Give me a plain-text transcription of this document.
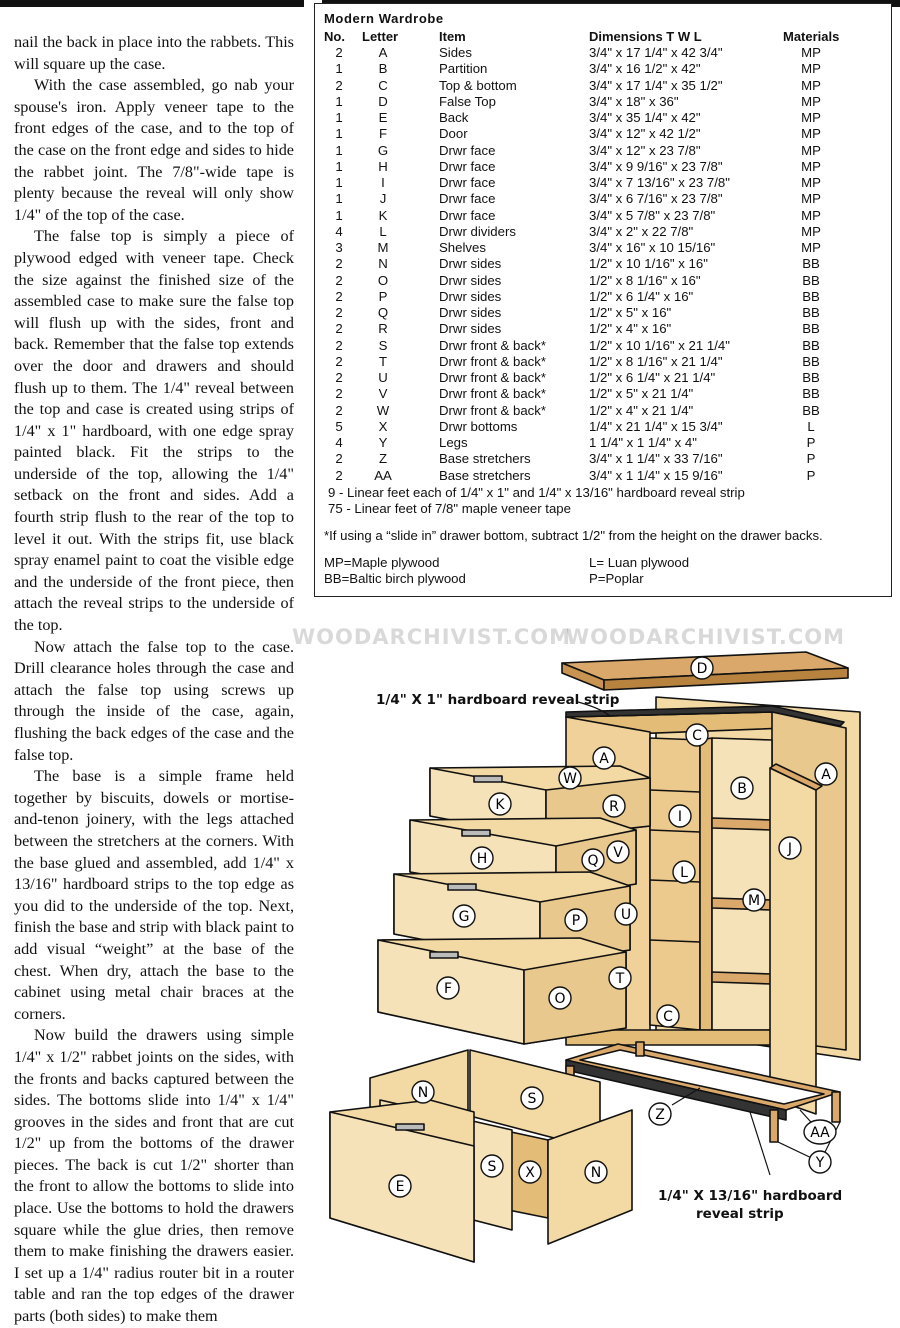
nail the back in place into the rabbets. This will square up the case.

With the case assembled, go nab your spouse's iron. Apply veneer tape to the front edges of the case, and to the top of the case on the front edge and sides to hide the rabbet joint. The 7/8"-wide tape is plenty because the reveal will only show 1/4" of the top of the case.

The false top is simply a piece of plywood edged with veneer tape. Check the size against the finished size of the assembled case to make sure the false top will flush up with the sides, front and back. Remember that the false top extends over the door and drawers and should flush up to them. The 1/4" reveal between the top and case is created using strips of 1/4" x 1" hardboard, with one edge spray painted black. Fit the strips to the underside of the top, allowing the 1/4" setback on the front and sides. Add a fourth strip flush to the rear of the top to level it out. With the strips fit, use black spray enamel paint to coat the visible edge and the underside of the front piece, then attach the reveal strips to the underside of the top.

Now attach the false top to the case. Drill clearance holes through the case and attach the false top using screws up through the inside of the case, again, flushing the back edges of the case and the false top.

The base is a simple frame held together by biscuits, dowels or mortise-and-tenon joinery, with the legs attached between the stretchers at the corners. With the base glued and assembled, add 1/4" x 13/16" hardboard strips to the top edge as you did to the underside of the top. Next, finish the base and strip with black paint to add visual “weight” at the base of the chest. When dry, attach the base to the cabinet using metal chair braces at the corners.

Now build the drawers using simple 1/4" x 1/2" rabbet joints on the sides, with the fronts and backs captured between the sides. The bottoms slide into 1/4" x 1/4" grooves in the sides and front that are cut 1/2" up from the bottoms of the drawer pieces. The back is cut 1/2" shorter than the front to allow the bottoms to slide into place. Use the bottoms to hold the drawers square while the glue dries, then remove them to make finishing the drawers easier. I set up a 1/4" radius router bit in a router table and ran the top edges of the drawer parts (both sides) to make them

Modern Wardrobe
No. Letter	Item	Dimensions T W L	Materials
2	A	Sides	3/4" x 17 1/4" x 42 3/4"	MP
1	B	Partition	3/4" x 16 1/2" x 42"	MP
2	C	Top & bottom	3/4" x 17 1/4" x 35 1/2"	MP
1	D	False Top	3/4" x 18" x 36"	MP
1	E	Back	3/4" x 35 1/4" x 42"	MP
1	F	Door	3/4" x 12" x 42 1/2"	MP
1	G	Drwr face	3/4" x 12" x 23 7/8"	MP
1	H	Drwr face	3/4" x 9 9/16" x 23 7/8"	MP
1	I	Drwr face	3/4" x 7 13/16" x 23 7/8"	MP
1	J	Drwr face	3/4" x 6 7/16" x 23 7/8"	MP
1	K	Drwr face	3/4" x 5 7/8" x 23 7/8"	MP
4	L	Drwr dividers	3/4" x 2" x 22 7/8"	MP
3	M	Shelves	3/4" x 16" x 10 15/16"	MP
2	N	Drwr sides	1/2" x 10 1/16" x 16"	BB
2	O	Drwr sides	1/2" x 8 1/16" x 16"	BB
2	P	Drwr sides	1/2" x 6 1/4" x 16"	BB
2	Q	Drwr sides	1/2" x 5" x 16"	BB
2	R	Drwr sides	1/2" x 4" x 16"	BB
2	S	Drwr front & back*	1/2" x 10 1/16" x 21 1/4"	BB
2	T	Drwr front & back*	1/2" x 8 1/16" x 21 1/4"	BB
2	U	Drwr front & back*	1/2" x 6 1/4" x 21 1/4"	BB
2	V	Drwr front & back*	1/2" x 5" x 21 1/4"	BB
2	W	Drwr front & back*	1/2" x 4" x 21 1/4"	BB
5	X	Drwr bottoms	1/4" x 21 1/4" x 15 3/4"	L
4	Y	Legs	1 1/4" x 1 1/4" x 4"	P
2	Z	Base stretchers	3/4" x 1 1/4" x 33 7/16"	P
2	AA	Base stretchers	3/4" x 1 1/4" x 15 9/16"	P
9 - Linear feet each of 1/4" x 1" and 1/4" x 13/16" hardboard reveal strip
75 - Linear feet of 7/8" maple veneer tape
*If using a “slide in” drawer bottom, subtract 1/2" from the height on the drawer backs.
MP=Maple plywood
BB=Baltic birch plywood
L= Luan plywood
P=Poplar
WOODARCHIVIST.COM
WOODARCHIVIST.COM
1/4" X 1" hardboard reveal strip
1/4" X 13/16" hardboard
reveal strip
D
C
A
A
B
W
K	R
I
J
V
Q
H
L
M
U
P
G
T
F
O
C
N	S
Z
AA
Y
S X	N
E
